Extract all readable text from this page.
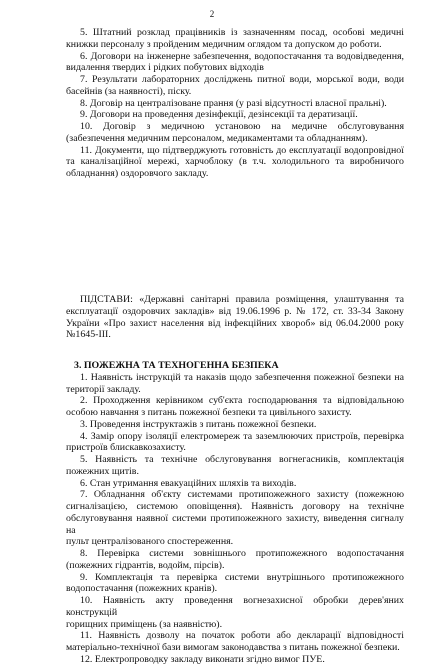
2

5. Штатний розклад працівників із зазначенням посад, особові медичні

книжки персоналу з пройденим медичним оглядом та допуском до роботи.

6. Договори на інженерне забезпечення, водопостачання та водовідведення,

видалення твердих і рідких побутових відходів

7. Результати лабораторних досліджень питної води, морської води, води

басейнів (за наявності), піску.

8. Договір на централізоване прання (у разі відсутності власної пральні).

9. Договори на проведення дезінфекції, дезінсекції та дератизації.

10. Договір з медичною установою на медичне обслуговування

(забезпечення медичним персоналом, медикаментами та обладнанням).

11. Документи, що підтверджують готовність до експлуатації водопровідної

та каналізаційної мережі, харчоблоку (в т.ч. холодильного та виробничого

обладнання) оздоровчого закладу.

ПІДСТАВИ: «Державні санітарні правила розміщення, улаштування та

експлуатації оздоровчих закладів» від 19.06.1996 р. № 172, ст. 33-34 Закону

України «Про захист населення від інфекційних хвороб» від 06.04.2000 року

№1645-ІІІ.

3. ПОЖЕЖНА ТА ТЕХНОГЕННА БЕЗПЕКА

1. Наявність інструкцій та наказів щодо забезпечення пожежної безпеки на

території закладу.

2. Проходження керівником суб'єкта господарювання та відповідальною

особою навчання з питань пожежної безпеки та цивільного захисту.

3. Проведення інструктажів з питань пожежної безпеки.

4. Замір опору ізоляції електромереж та заземлюючих пристроїв, перевірка

пристроїв блискавкозахисту.

5. Наявність та технічне обслуговування вогнегасників, комплектація

пожежних щитів.

6. Стан утримання евакуаційних шляхів та виходів.

7. Обладнання об'єкту системами протипожежного захисту (пожежною

сигналізацією, системою оповіщення). Наявність договору на технічне

обслуговування наявної системи протипожежного захисту, виведення сигналу на

пульт централізованого спостереження.

8. Перевірка системи зовнішнього протипожежного водопостачання

(пожежних гідрантів, водойм, пірсів).

9. Комплектація та перевірка системи внутрішнього протипожежного

водопостачання (пожежних кранів).

10. Наявність акту проведення вогнезахисної обробки дерев'яних конструкцій

горищних приміщень (за наявністю).

11. Наявність дозволу на початок роботи або декларації відповідності

матеріально-технічної бази вимогам законодавства з питань пожежної безпеки.

12. Електропроводку закладу виконати згідно вимог ПУЕ.
